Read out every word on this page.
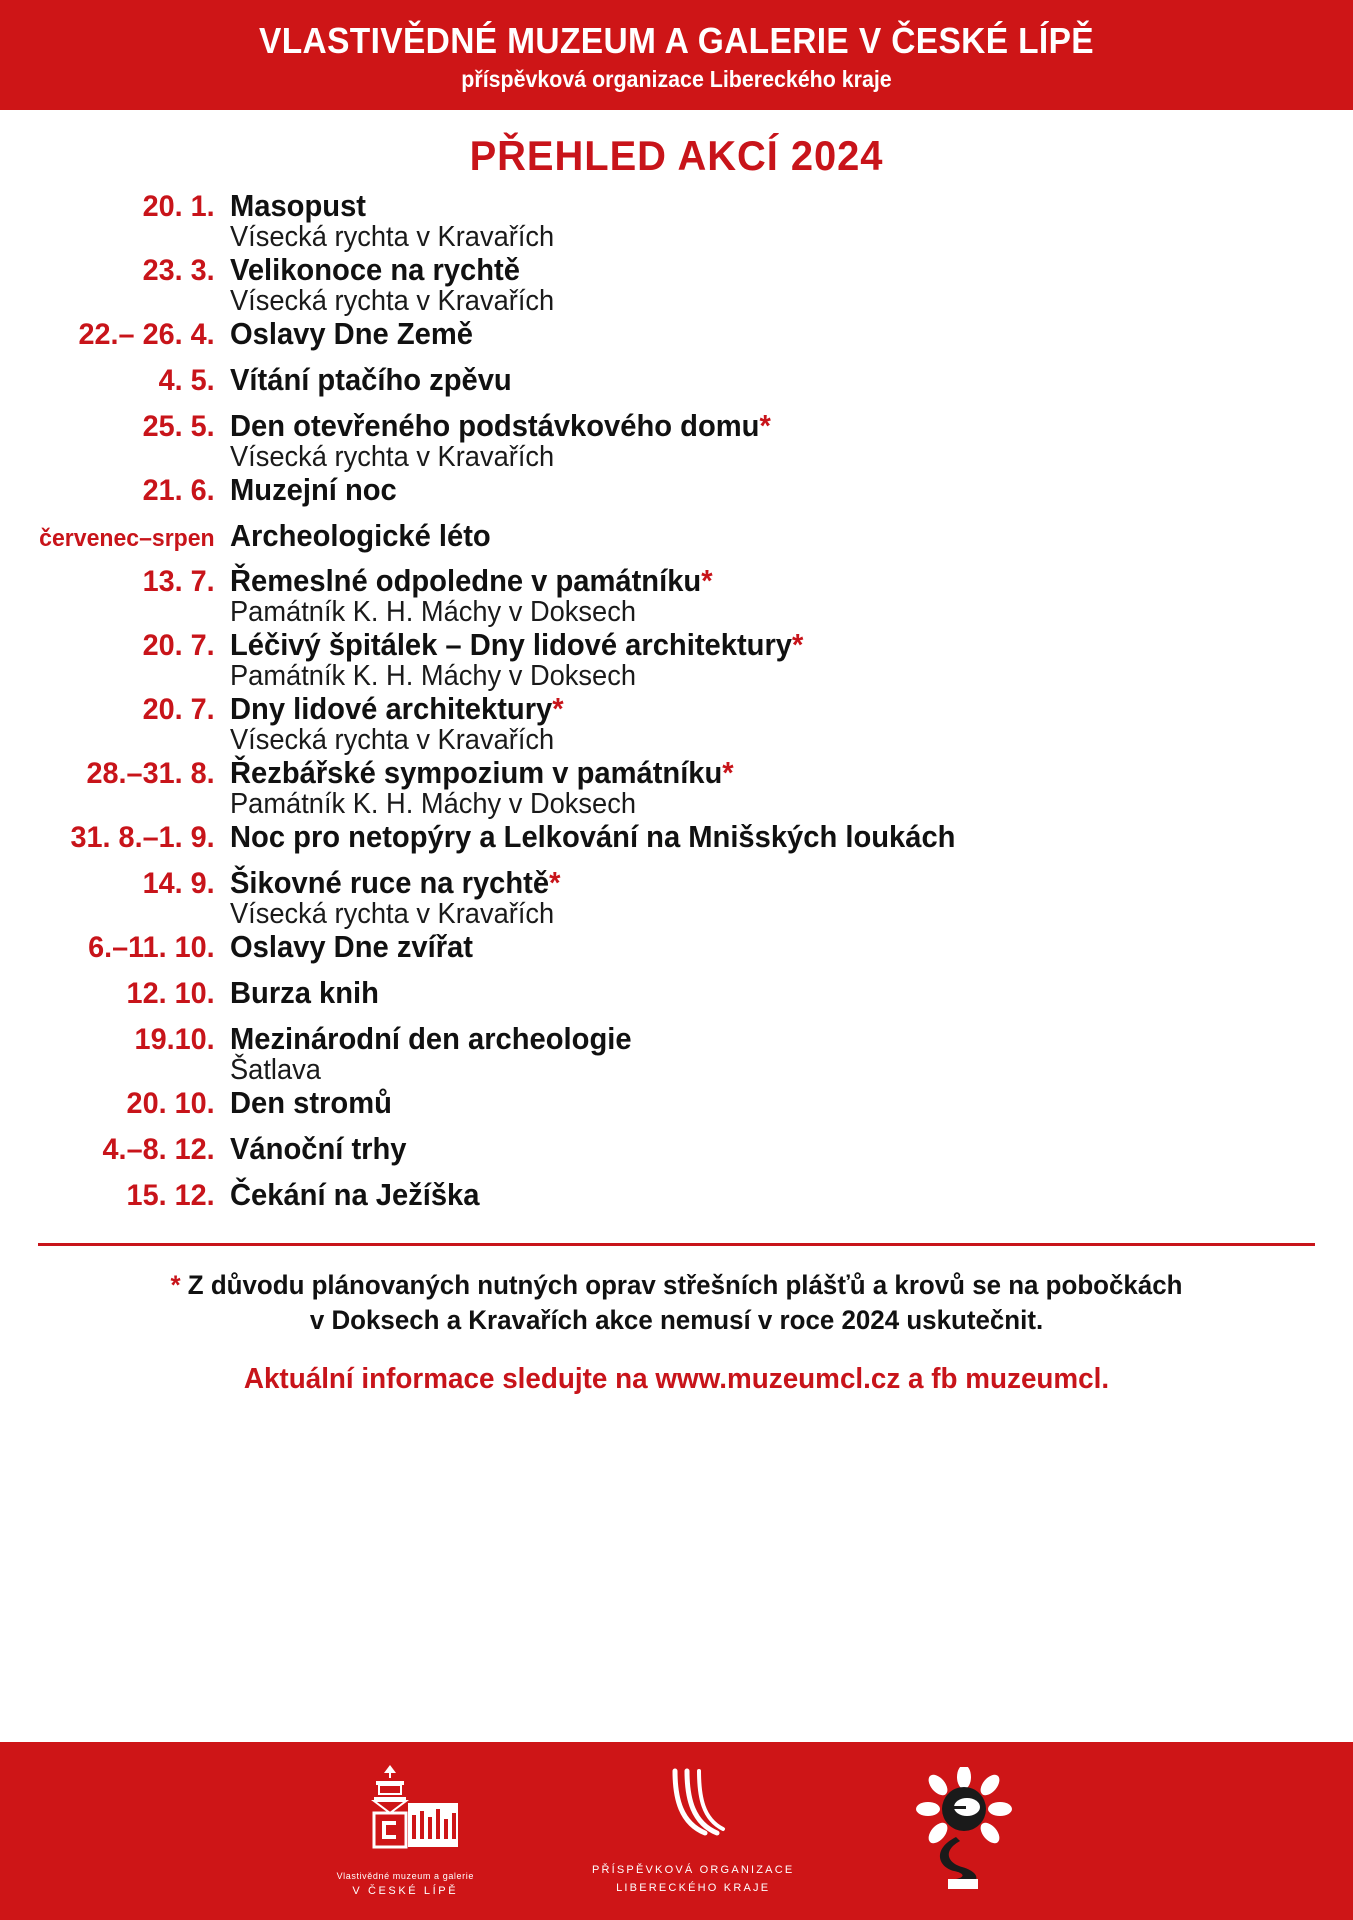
VLASTIVĚDNÉ MUZEUM A GALERIE V ČESKÉ LÍPĚ
příspěvková organizace Libereckého kraje
PŘEHLED AKCÍ 2024
20. 1. Masopust
Vísecká rychta v Kravařích
23. 3. Velikonoce na rychtě
Vísecká rychta v Kravařích
22.– 26. 4. Oslavy Dne Země
4. 5. Vítání ptačího zpěvu
25. 5. Den otevřeného podstávkového domu*
Vísecká rychta v Kravařích
21. 6. Muzejní noc
červenec–srpen Archeologické léto
13. 7. Řemeslné odpoledne v památníku*
Památník K. H. Máchy v Doksech
20. 7. Léčivý špitálek – Dny lidové architektury*
Památník K. H. Máchy v Doksech
20. 7. Dny lidové architektury*
Vísecká rychta v Kravařích
28.–31. 8. Řezbářské sympozium v památníku*
Památník K. H. Máchy v Doksech
31. 8.–1. 9. Noc pro netopýry a Lelkování na Mnišských loukách
14. 9. Šikovné ruce na rychtě*
Vísecká rychta v Kravařích
6.–11. 10. Oslavy Dne zvířat
12. 10. Burza knih
19.10. Mezinárodní den archeologie
Šatlava
20. 10. Den stromů
4.–8. 12. Vánoční trhy
15. 12. Čekání na Ježíška
* Z důvodu plánovaných nutných oprav střešních plášťů a krovů se na pobočkách
v Doksech a Kravařích akce nemusí v roce 2024 uskutečnit.
Aktuální informace sledujte na www.muzeumcl.cz a fb muzeumcl.
Vlastivědné muzeum a galerie
V ČESKÉ LÍPĚ
PŘÍSPĚVKOVÁ ORGANIZACE
LIBERECKÉHO KRAJE
